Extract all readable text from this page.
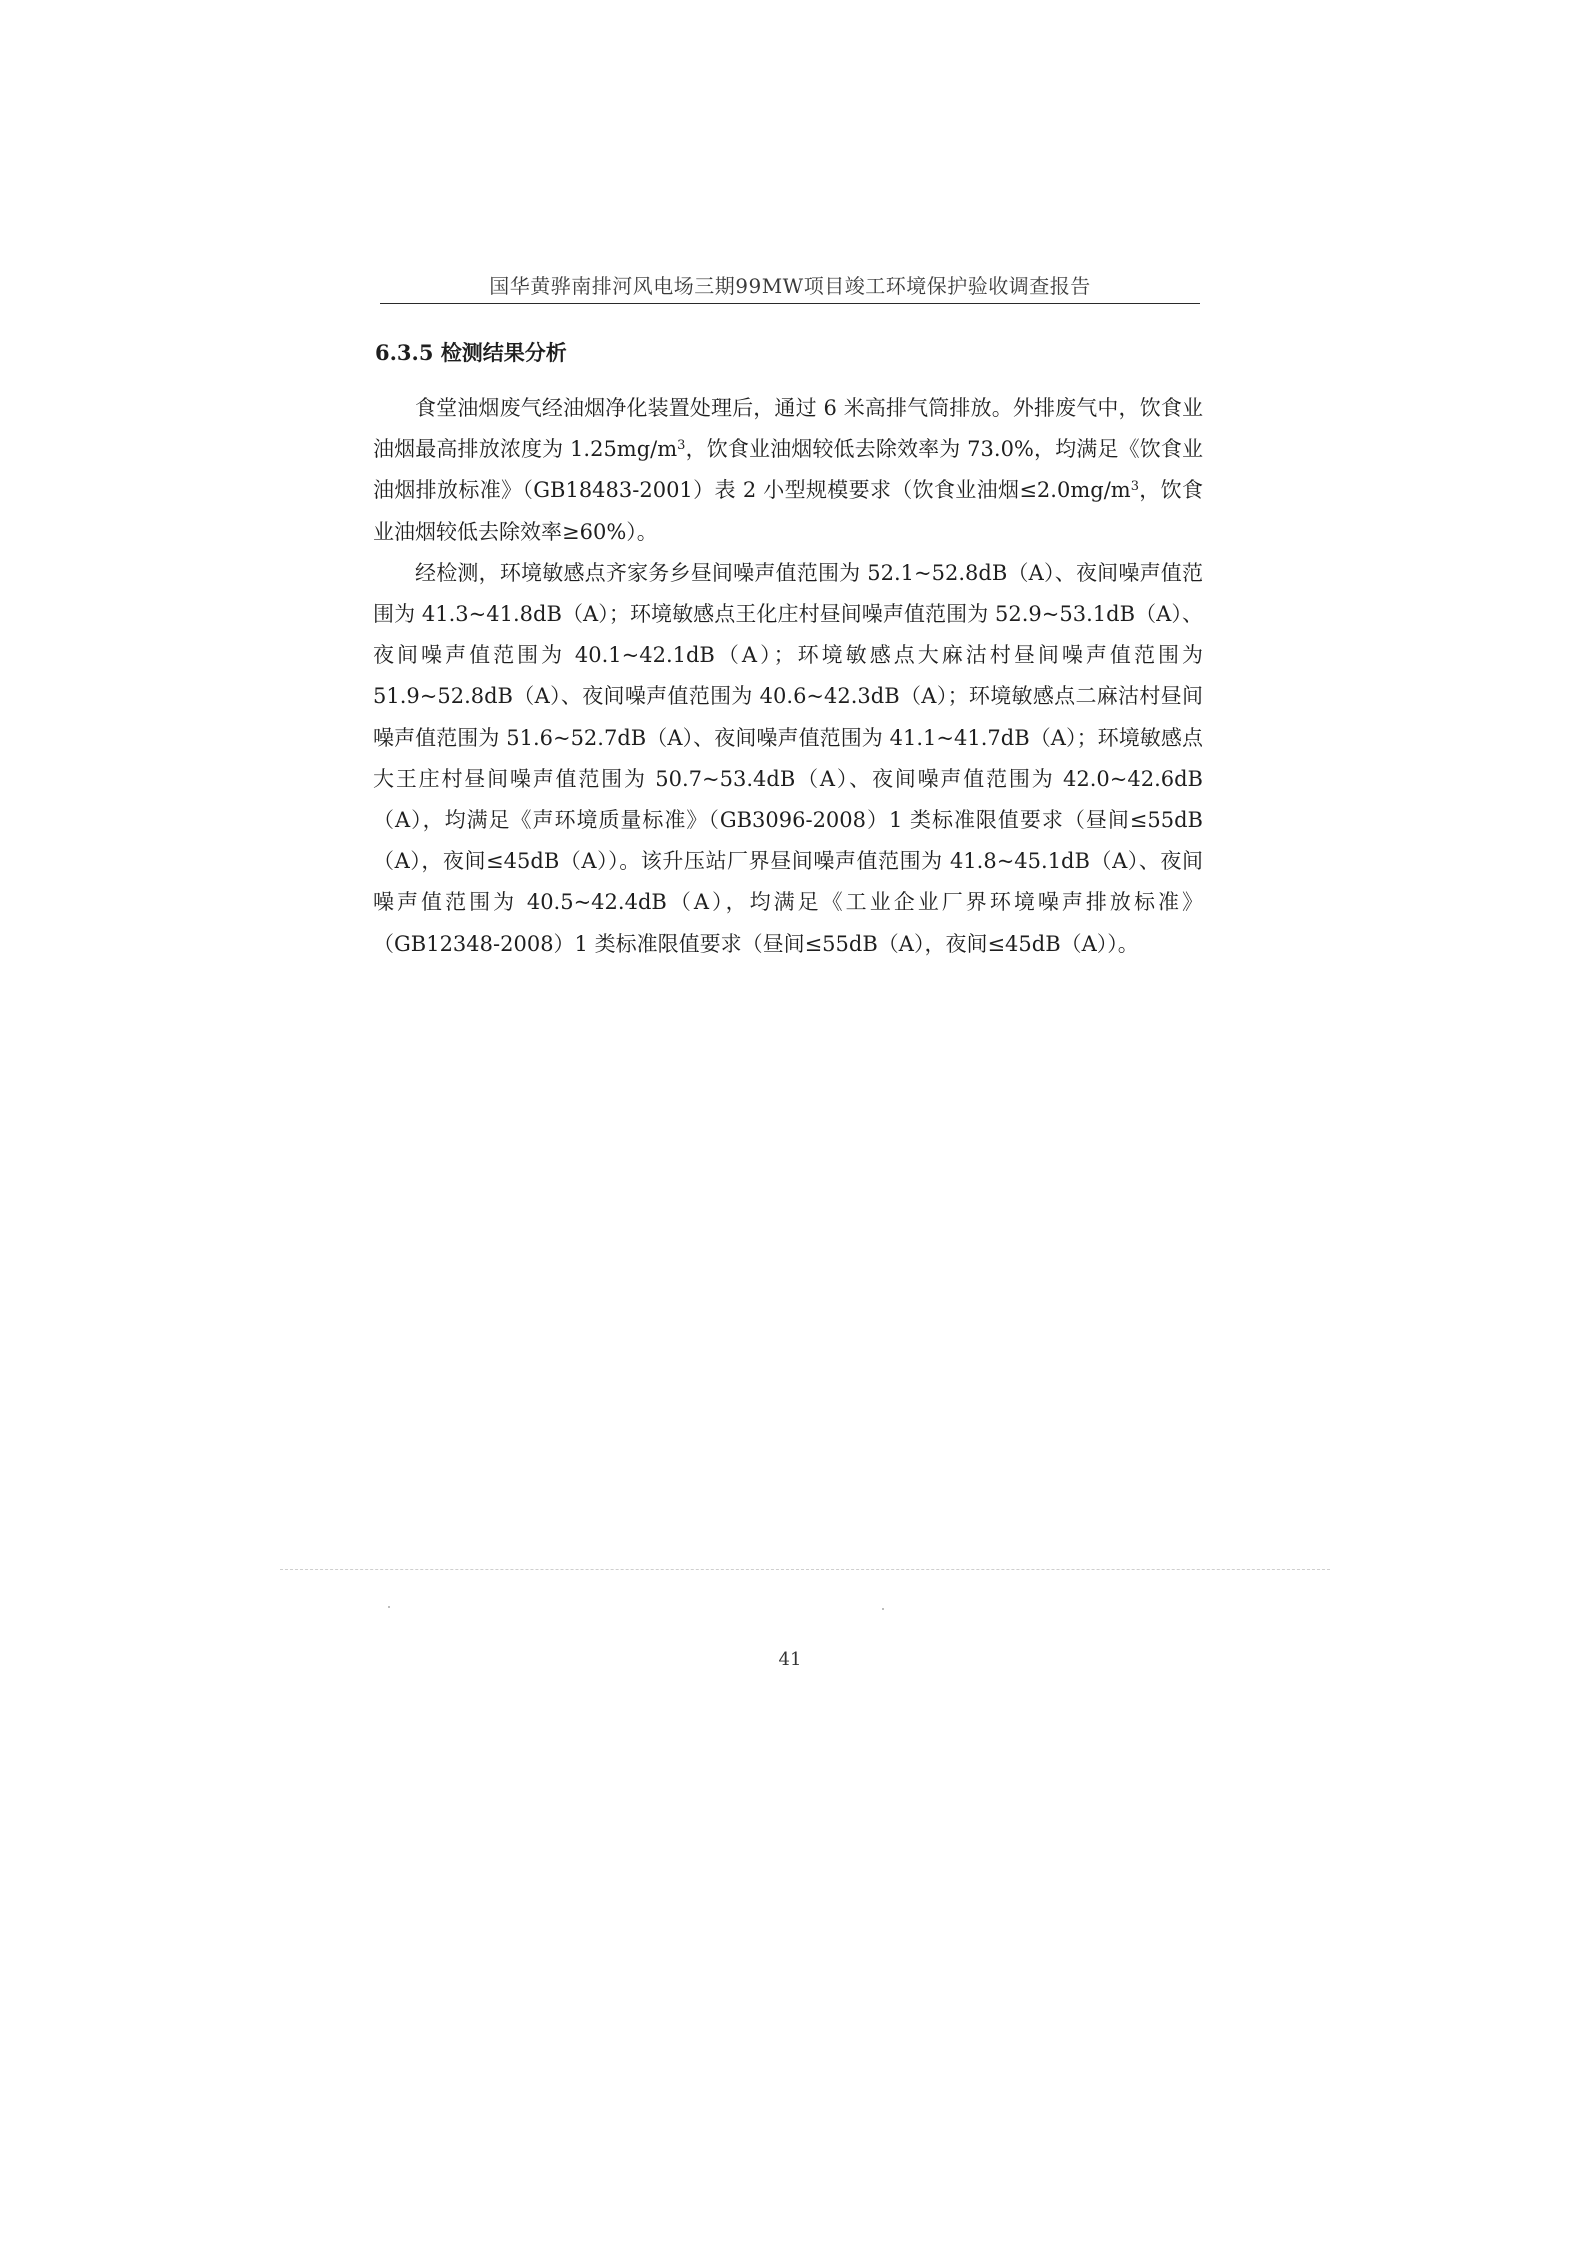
国华黄骅南排河风电场三期99MW项目竣工环境保护验收调查报告
6.3.5 检测结果分析

食堂油烟废气经油烟净化装置处理后，通过 6 米高排气筒排放。外排废气中，饮食业油烟最高排放浓度为 $1.25mg/m^3$，饮食业油烟较低去除效率为 73.0%，均满足《饮食业油烟排放标准》（GB18483-2001）表 2 小型规模要求（饮食业油烟$\le 2.0mg/m^3$，饮食业油烟较低去除效率≥60%）。

经检测，环境敏感点齐家务乡昼间噪声值范围为 52.1~52.8dB（A）、夜间噪声值范围为 41.3~41.8dB（A）；环境敏感点王化庄村昼间噪声值范围为 52.9~53.1dB（A）、夜间噪声值范围为 40.1~42.1dB（A）；环境敏感点大麻沽村昼间噪声值范围为 51.9~52.8dB（A）、夜间噪声值范围为 40.6~42.3dB（A）；环境敏感点二麻沽村昼间噪声值范围为 51.6~52.7dB（A）、夜间噪声值范围为 41.1~41.7dB（A）；环境敏感点大王庄村昼间噪声值范围为 50.7~53.4dB（A）、夜间噪声值范围为 42.0~42.6dB（A），均满足《声环境质量标准》（GB3096-2008）1 类标准限值要求（昼间≤55dB（A），夜间≤45dB（A））。该升压站厂界昼间噪声值范围为 41.8~45.1dB（A）、夜间噪声值范围为 40.5~42.4dB（A），均满足《工业企业厂界环境噪声排放标准》（GB12348-2008）1 类标准限值要求（昼间≤55dB（A），夜间≤45dB（A））。

41
